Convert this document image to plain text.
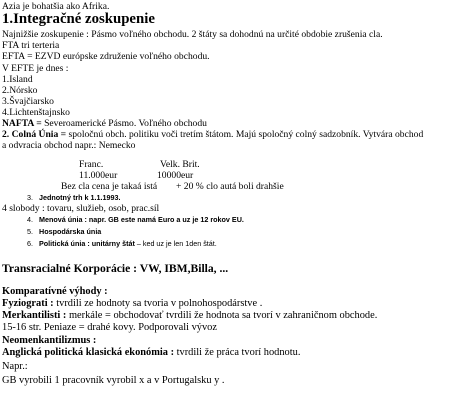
Azia je bohatšia ako Afrika.
1.Integračné zoskupenie
Najnižšie zoskupenie : Pásmo voľného obchodu. 2 štáty sa dohodnú na určité obdobie zrušenia cla.
FTA tri terteria
EFTA = EZVD európske združenie voľného obchodu.
V EFTE je dnes :
1.Island
2.Nórsko
3.Švajčiarsko
4.Lichtenštajnsko
NAFTA = Severoamerické Pásmo. Voľného obchodu
2. Colná Únia = spoločnú obch. politiku voči tretím štátom. Majú spoločný colný sadzobník. Vytvára obchod
a odvracia obchod napr.: Nemecko
Franc.	Velk. Brit.
11.000eur	10000eur
Bez cla cena je takaá istá + 20 % clo autá boli drahšie
3. Jednotný trh k 1.1.1993.
4 slobody : tovaru, služieb, osob, prac.síl
4. Menová únia : napr. GB este namá Euro a uz je 12 rokov EU.
5. Hospodárska únia
6. Politická únia : unitárny štát – ked uz je len 1den štát.
Transracialné Korporácie : VW, IBM,Billa, ...
Komparatívné výhody :
Fyziograti : tvrdili ze hodnoty sa tvoria v polnohospodárstve .
Merkantilisti : merkále = obchodovať tvrdili že hodnota sa tvorí v zahraničnom obchode.
15-16 str. Peniaze = drahé kovy. Podporovali vývoz
Neomenkantilizmus :
Anglická politická klasická ekonómia : tvrdili že práca tvorí hodnotu.
Napr.:
GB vyrobili 1 pracovník vyrobil x a v Portugalsku y .
